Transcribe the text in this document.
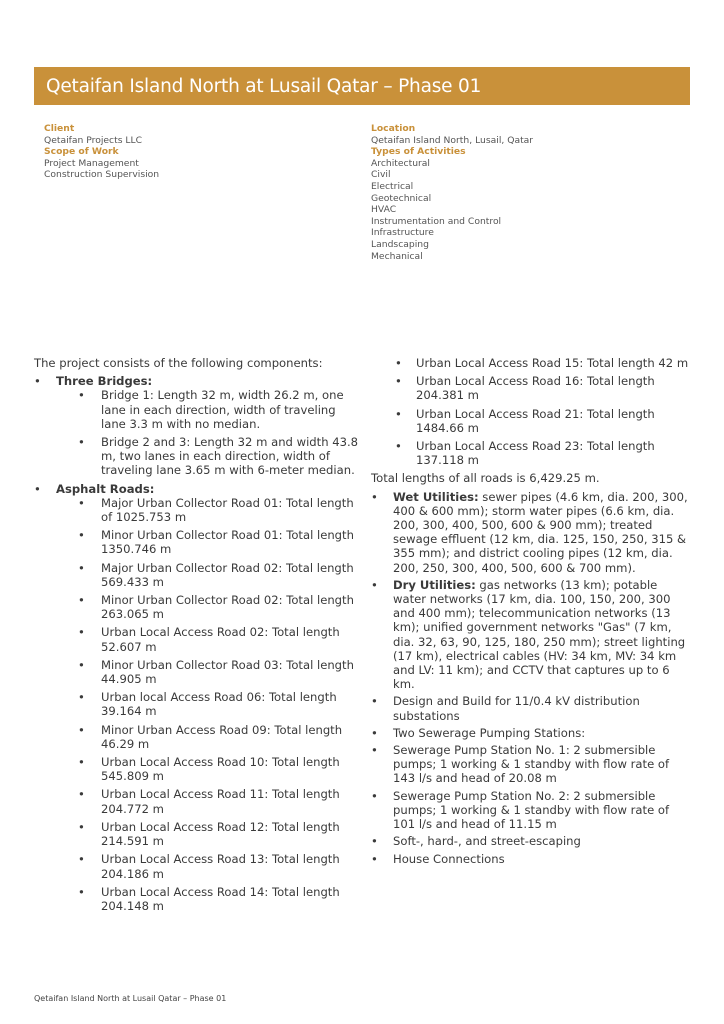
Qetaifan Island North at Lusail Qatar – Phase 01
Client
Qetaifan Projects LLC
Scope of Work
Project Management
Construction Supervision
Location
Qetaifan Island North, Lusail, Qatar
Types of Activities
Architectural
Civil
Electrical
Geotechnical
HVAC
Instrumentation and Control
Infrastructure
Landscaping
Mechanical

The project consists of the following components:

• Three Bridges:
• Bridge 1: Length 32 m, width 26.2 m, one lane in each direction, width of traveling lane 3.3 m with no median.
• Bridge 2 and 3: Length 32 m and width 43.8 m, two lanes in each direction, width of traveling lane 3.65 m with 6-meter median.
• Asphalt Roads:
• Major Urban Collector Road 01: Total length of 1025.753 m
• Minor Urban Collector Road 01: Total length 1350.746 m
• Major Urban Collector Road 02: Total length 569.433 m
• Minor Urban Collector Road 02: Total length 263.065 m
• Urban Local Access Road 02: Total length 52.607 m
• Minor Urban Collector Road 03: Total length 44.905 m
• Urban local Access Road 06: Total length 39.164 m
• Minor Urban Access Road 09: Total length 46.29 m
• Urban Local Access Road 10: Total length 545.809 m
• Urban Local Access Road 11: Total length 204.772 m
• Urban Local Access Road 12: Total length 214.591 m
• Urban Local Access Road 13: Total length 204.186 m
• Urban Local Access Road 14: Total length 204.148 m
• Urban Local Access Road 15: Total length 42 m
• Urban Local Access Road 16: Total length 204.381 m
• Urban Local Access Road 21: Total length 1484.66 m
• Urban Local Access Road 23: Total length 137.118 m

Total lengths of all roads is 6,429.25 m.

• Wet Utilities: sewer pipes (4.6 km, dia. 200, 300, 400 & 600 mm); storm water pipes (6.6 km, dia. 200, 300, 400, 500, 600 & 900 mm); treated sewage effluent (12 km, dia. 125, 150, 250, 315 & 355 mm); and district cooling pipes (12 km, dia. 200, 250, 300, 400, 500, 600 & 700 mm).
• Dry Utilities: gas networks (13 km); potable water networks (17 km, dia. 100, 150, 200, 300 and 400 mm); telecommunication networks (13 km); unified government networks "Gas" (7 km, dia. 32, 63, 90, 125, 180, 250 mm); street lighting (17 km), electrical cables (HV: 34 km, MV: 34 km and LV: 11 km); and CCTV that captures up to 6 km.
• Design and Build for 11/0.4 kV distribution substations
• Two Sewerage Pumping Stations:
• Sewerage Pump Station No. 1: 2 submersible pumps; 1 working & 1 standby with flow rate of 143 l/s and head of 20.08 m
• Sewerage Pump Station No. 2: 2 submersible pumps; 1 working & 1 standby with flow rate of 101 l/s and head of 11.15 m
• Soft-, hard-, and street-escaping
• House Connections
Qetaifan Island North at Lusail Qatar – Phase 01
